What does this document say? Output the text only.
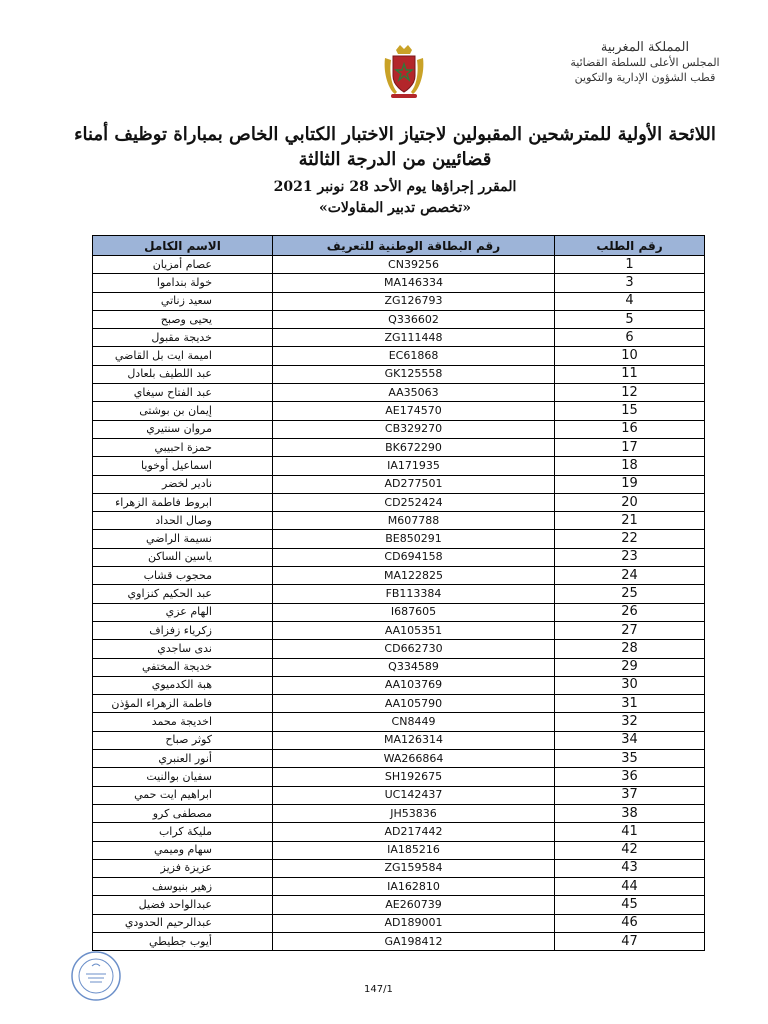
المملكة المغربية
المجلس الأعلى للسلطة القضائية
قطب الشؤون الإدارية والتكوين
اللائحة الأولية للمترشحين المقبولين لاجتياز الاختبار الكتابي الخاص بمباراة توظيف أمناء
قضائيين من الدرجة الثالثة
المقرر إجراؤها يوم الأحد 28 نونبر 2021
«تخصص تدبير المقاولات»
رقم الطلب	رقم البطاقة الوطنية للتعريف	الاسم الكامل
1	CN39256	عصام أمزيان
3	MA146334	خولة بنداموا
4	ZG126793	سعيد زناتي
5	Q336602	يحيى وصبح
6	ZG111448	خديجة مقبول
10	EC61868	اميمة ايت بل القاضي
11	GK125558	عبد اللطيف بلعادل
12	AA35063	عبد الفتاح سيغاي
15	AE174570	إيمان بن بوشتى
16	CB329270	مروان سنتيري
17	BK672290	حمزة احبيبي
18	IA171935	اسماعيل أوخويا
19	AD277501	نادير لخضر
20	CD252424	ابروط فاطمة الزهراء
21	M607788	وصال الحداد
22	BE850291	نسيمة الراضي
23	CD694158	ياسين الساكن
24	MA122825	محجوب قشاب
25	FB113384	عبد الحكيم كنزاوي
26	I687605	الهام عزي
27	AA105351	زكرياء زفزاف
28	CD662730	ندى ساجدي
29	Q334589	خديجة المختفي
30	AA103769	هبة الكدميوي
31	AA105790	فاطمة الزهراء المؤذن
32	CN8449	اخديجة محمد
34	MA126314	كوثر صباح
35	WA266864	أنور العنبري
36	SH192675	سفيان بوالنيت
37	UC142437	ابراهيم ايت حمي
38	JH53836	مصطفى كرو
41	AD217442	مليكة كراب
42	IA185216	سهام وميمي
43	ZG159584	عزيزة فزيز
44	IA162810	زهير بنيوسف
45	AE260739	عبدالواحد فضيل
46	AD189001	عبدالرحيم الحدودي
47	GA198412	أيوب جطيطي
147/1
